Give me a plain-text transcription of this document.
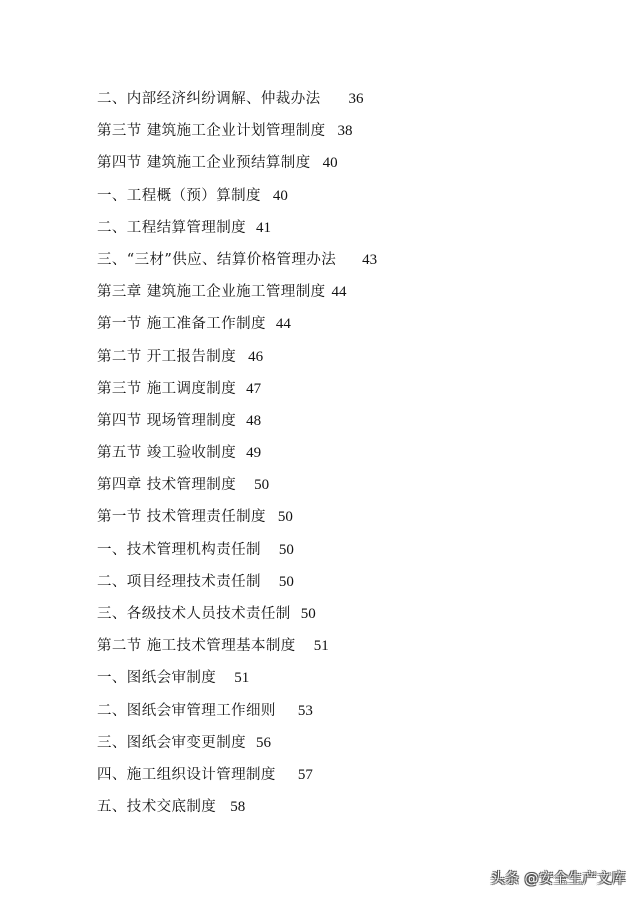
二、内部经济纠纷调解、仲裁办法 36
第三节 建筑施工企业计划管理制度 38
第四节 建筑施工企业预结算制度 40
一、工程概（预）算制度 40
二、工程结算管理制度 41
三、“三材”供应、结算价格管理办法 43
第三章 建筑施工企业施工管理制度 44
第一节 施工准备工作制度 44
第二节 开工报告制度 46
第三节 施工调度制度 47
第四节 现场管理制度 48
第五节 竣工验收制度 49
第四章 技术管理制度 50
第一节 技术管理责任制度 50
一、技术管理机构责任制 50
二、项目经理技术责任制 50
三、各级技术人员技术责任制 50
第二节 施工技术管理基本制度 51
一、图纸会审制度 51
二、图纸会审管理工作细则 53
三、图纸会审变更制度 56
四、施工组织设计管理制度 57
五、技术交底制度 58
头条 @安全生产文库
